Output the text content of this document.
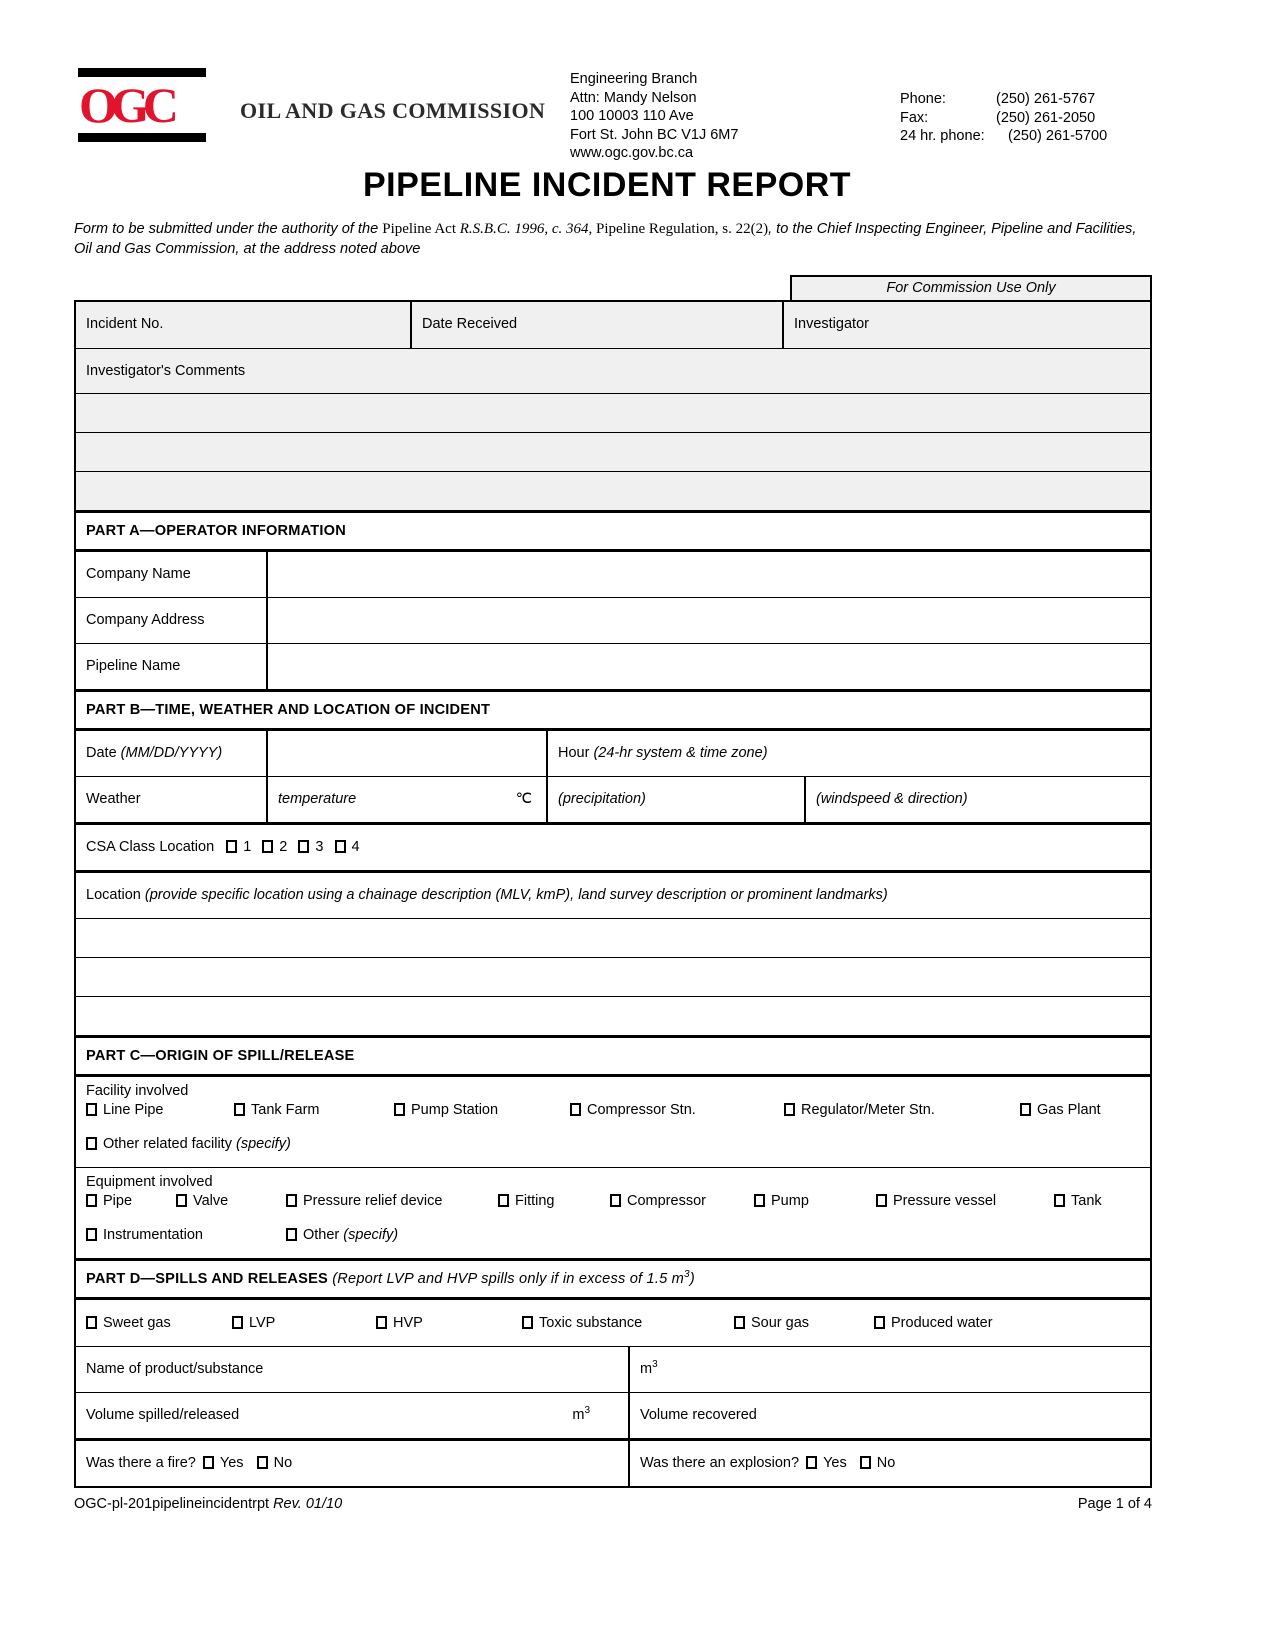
OGC	OIL AND GAS COMMISSION
Engineering Branch
Attn: Mandy Nelson
100 10003 110 Ave
Fort St. John BC V1J 6M7
www.ogc.gov.bc.ca
Phone:	(250) 261-5767
Fax:	(250) 261-2050
24 hr. phone:	(250) 261-5700
PIPELINE INCIDENT REPORT
Form to be submitted under the authority of the Pipeline Act R.S.B.C. 1996, c. 364, Pipeline Regulation, s. 22(2), to the Chief Inspecting Engineer, Pipeline and Facilities, Oil and Gas Commission, at the address noted above
For Commission Use Only
Incident No.	Date Received	Investigator
Investigator's Comments
PART A—OPERATOR INFORMATION
Company Name
Company Address
Pipeline Name
PART B—TIME, WEATHER AND LOCATION OF INCIDENT
Date (MM/DD/YYYY)	Hour (24-hr system & time zone)
Weather	temperature	℃	(precipitation)	(windspeed & direction)
CSA Class Location 1 2 3 4
Location (provide specific location using a chainage description (MLV, kmP), land survey description or prominent landmarks)
PART C—ORIGIN OF SPILL/RELEASE
Facility involved
Line Pipe	Tank Farm	Pump Station	Compressor Stn.	Regulator/Meter Stn.	Gas Plant
Other related facility (specify)
Equipment involved
Pipe	Valve	Pressure relief device	Fitting	Compressor	Pump	Pressure vessel	Tank
Instrumentation	Other (specify)
PART D—SPILLS AND RELEASES (Report LVP and HVP spills only if in excess of 1.5 m$^3$)
Sweet gas	LVP	HVP	Toxic substance	Sour gas	Produced water
Name of product/substance	$m^3$
Volume spilled/released	$m^3$	Volume recovered
Was there a fire? Yes No	Was there an explosion? Yes No
OGC-pl-201pipelineincidentrpt Rev. 01/10	Page 1 of 4
